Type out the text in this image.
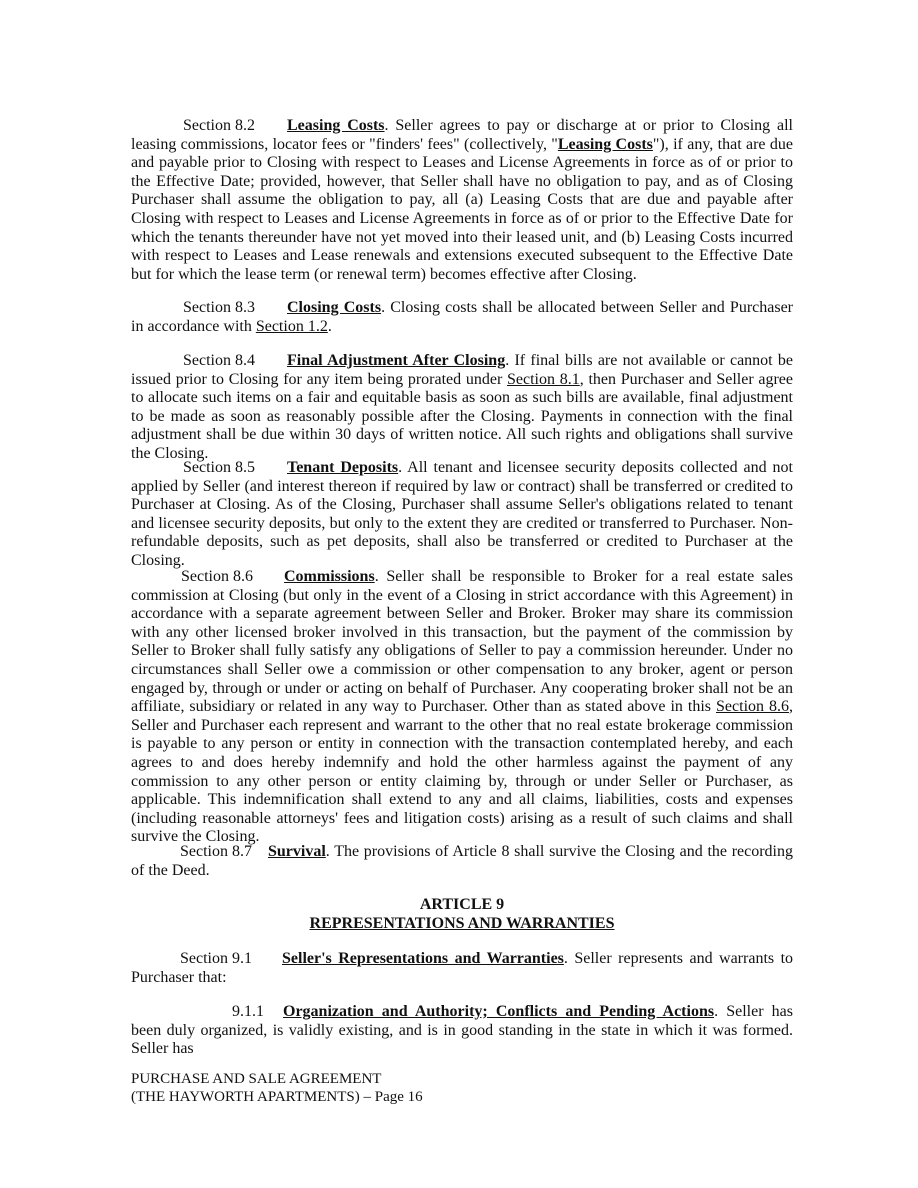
Section 8.2 Leasing Costs. Seller agrees to pay or discharge at or prior to Closing all leasing commissions, locator fees or "finders' fees" (collectively, "Leasing Costs"), if any, that are due and payable prior to Closing with respect to Leases and License Agreements in force as of or prior to the Effective Date; provided, however, that Seller shall have no obligation to pay, and as of Closing Purchaser shall assume the obligation to pay, all (a) Leasing Costs that are due and payable after Closing with respect to Leases and License Agreements in force as of or prior to the Effective Date for which the tenants thereunder have not yet moved into their leased unit, and (b) Leasing Costs incurred with respect to Leases and Lease renewals and extensions executed subsequent to the Effective Date but for which the lease term (or renewal term) becomes effective after Closing.
Section 8.3 Closing Costs. Closing costs shall be allocated between Seller and Purchaser in accordance with Section 1.2.
Section 8.4 Final Adjustment After Closing. If final bills are not available or cannot be issued prior to Closing for any item being prorated under Section 8.1, then Purchaser and Seller agree to allocate such items on a fair and equitable basis as soon as such bills are available, final adjustment to be made as soon as reasonably possible after the Closing. Payments in connection with the final adjustment shall be due within 30 days of written notice. All such rights and obligations shall survive the Closing.
Section 8.5 Tenant Deposits. All tenant and licensee security deposits collected and not applied by Seller (and interest thereon if required by law or contract) shall be transferred or credited to Purchaser at Closing. As of the Closing, Purchaser shall assume Seller's obligations related to tenant and licensee security deposits, but only to the extent they are credited or transferred to Purchaser. Non-refundable deposits, such as pet deposits, shall also be transferred or credited to Purchaser at the Closing.
Section 8.6 Commissions. Seller shall be responsible to Broker for a real estate sales commission at Closing (but only in the event of a Closing in strict accordance with this Agreement) in accordance with a separate agreement between Seller and Broker. Broker may share its commission with any other licensed broker involved in this transaction, but the payment of the commission by Seller to Broker shall fully satisfy any obligations of Seller to pay a commission hereunder. Under no circumstances shall Seller owe a commission or other compensation to any broker, agent or person engaged by, through or under or acting on behalf of Purchaser. Any cooperating broker shall not be an affiliate, subsidiary or related in any way to Purchaser. Other than as stated above in this Section 8.6, Seller and Purchaser each represent and warrant to the other that no real estate brokerage commission is payable to any person or entity in connection with the transaction contemplated hereby, and each agrees to and does hereby indemnify and hold the other harmless against the payment of any commission to any other person or entity claiming by, through or under Seller or Purchaser, as applicable. This indemnification shall extend to any and all claims, liabilities, costs and expenses (including reasonable attorneys' fees and litigation costs) arising as a result of such claims and shall survive the Closing.
Section 8.7 Survival. The provisions of Article 8 shall survive the Closing and the recording of the Deed.
ARTICLE 9
REPRESENTATIONS AND WARRANTIES
Section 9.1 Seller's Representations and Warranties. Seller represents and warrants to Purchaser that:
9.1.1 Organization and Authority; Conflicts and Pending Actions. Seller has been duly organized, is validly existing, and is in good standing in the state in which it was formed. Seller has
PURCHASE AND SALE AGREEMENT
(THE HAYWORTH APARTMENTS) – Page 16
